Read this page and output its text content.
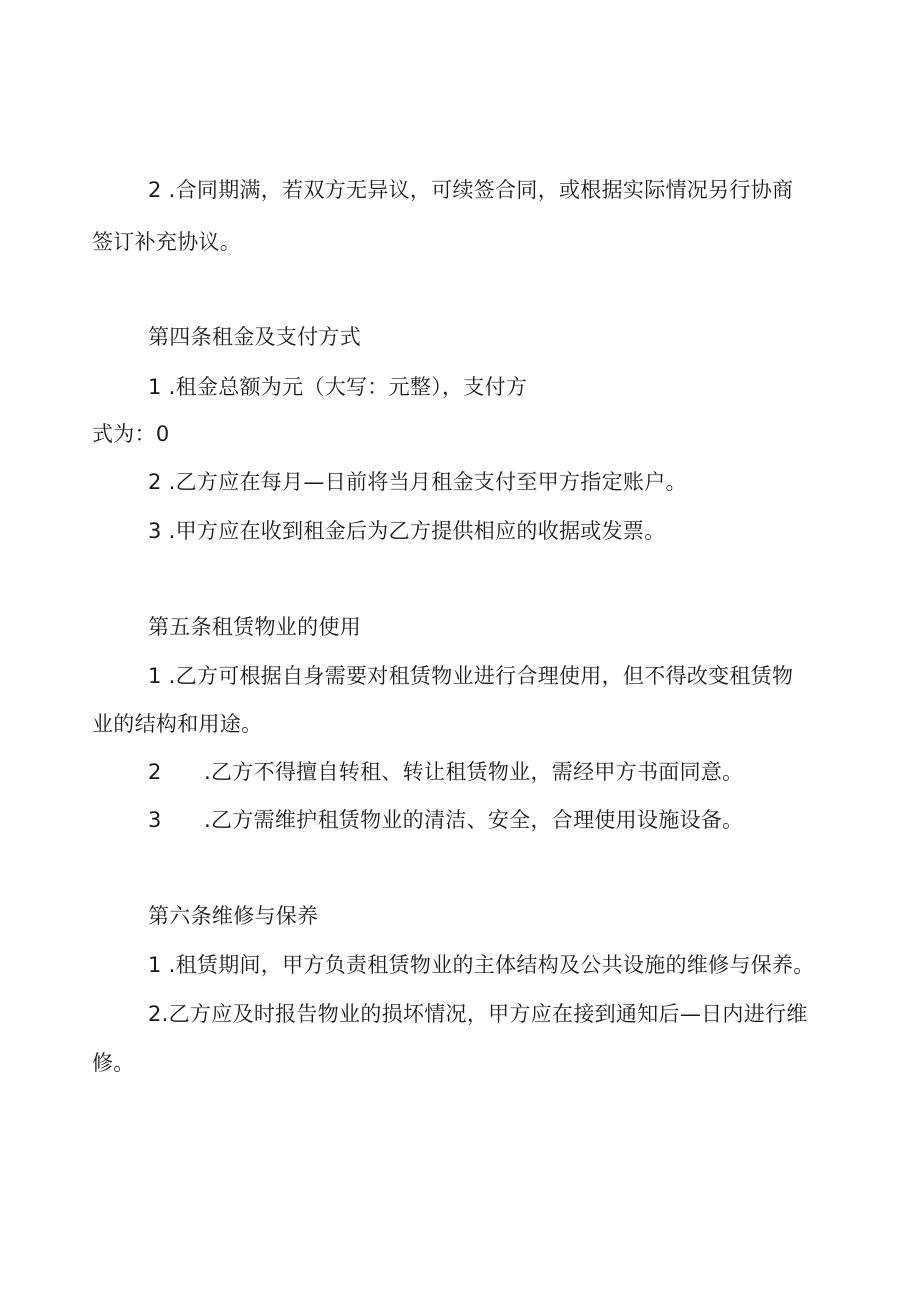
2 .合同期满，若双方无异议，可续签合同，或根据实际情况另行协商
签订补充协议。
第四条租金及支付方式
1 .租金总额为元（大写：元整），支付方
式为：0
2 .乙方应在每月—日前将当月租金支付至甲方指定账户。
3 .甲方应在收到租金后为乙方提供相应的收据或发票。
第五条租赁物业的使用
1 .乙方可根据自身需要对租赁物业进行合理使用，但不得改变租赁物
业的结构和用途。
2 .乙方不得擅自转租、转让租赁物业，需经甲方书面同意。
3 .乙方需维护租赁物业的清洁、安全，合理使用设施设备。
第六条维修与保养
1 .租赁期间，甲方负责租赁物业的主体结构及公共设施的维修与保养。
2.乙方应及时报告物业的损坏情况，甲方应在接到通知后—日内进行维
修。
